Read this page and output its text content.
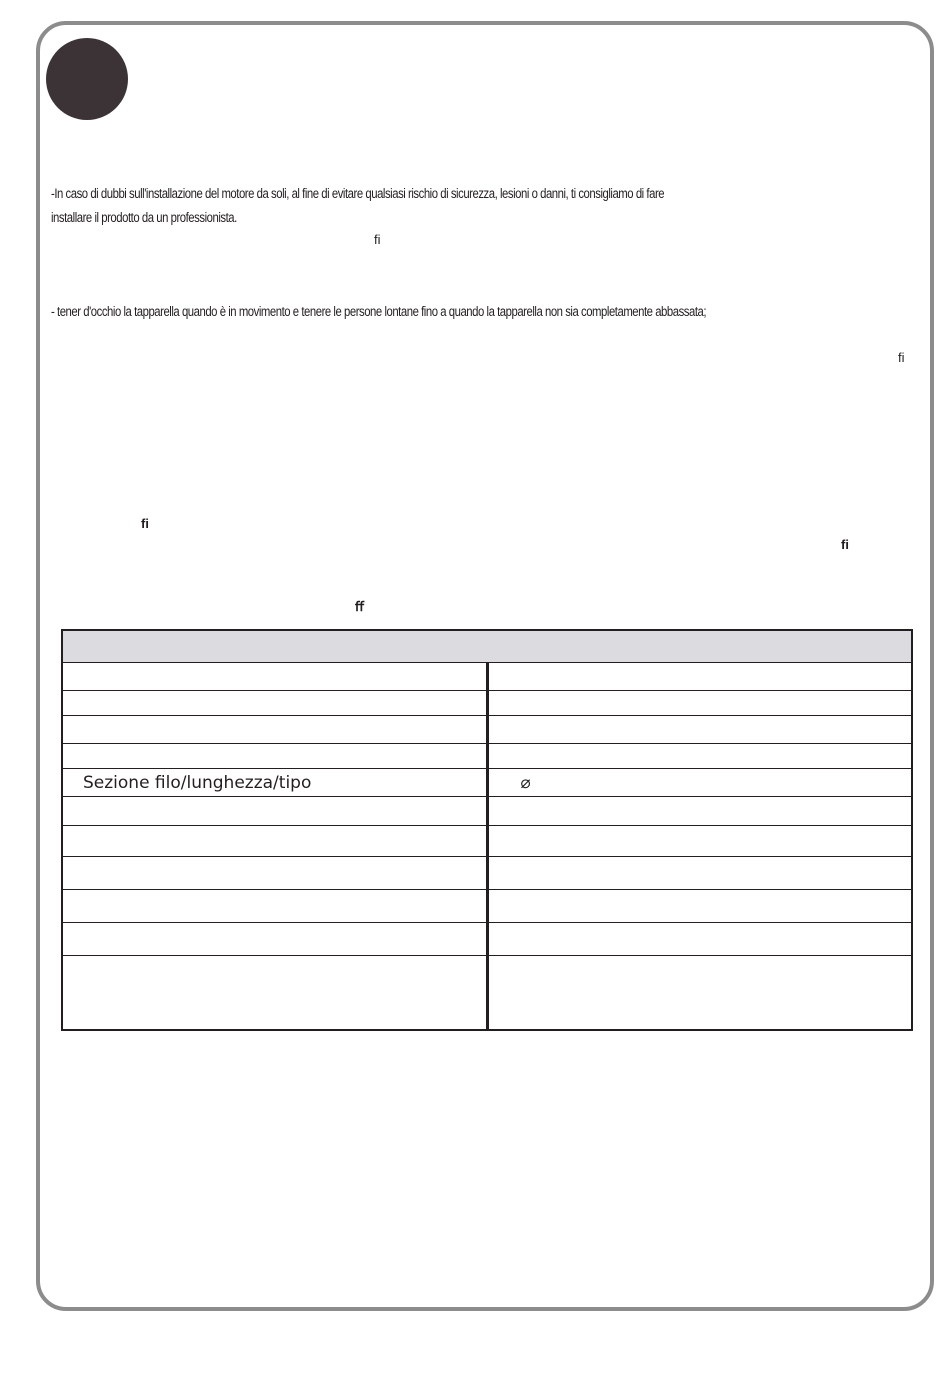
-In caso di dubbi sull'installazione del motore da soli, al fine di evitare qualsiasi rischio di sicurezza, lesioni o danni, ti consigliamo di fare

installare il prodotto da un professionista.

- tener d'occhio la tapparella quando è in movimento e tenere le persone lontane fino a quando la tapparella non sia completamente abbassata;

ﬁ
ﬁ
ﬁ
ﬁ
ﬀ

Sezione filo/lunghezza/tipo	⌀
